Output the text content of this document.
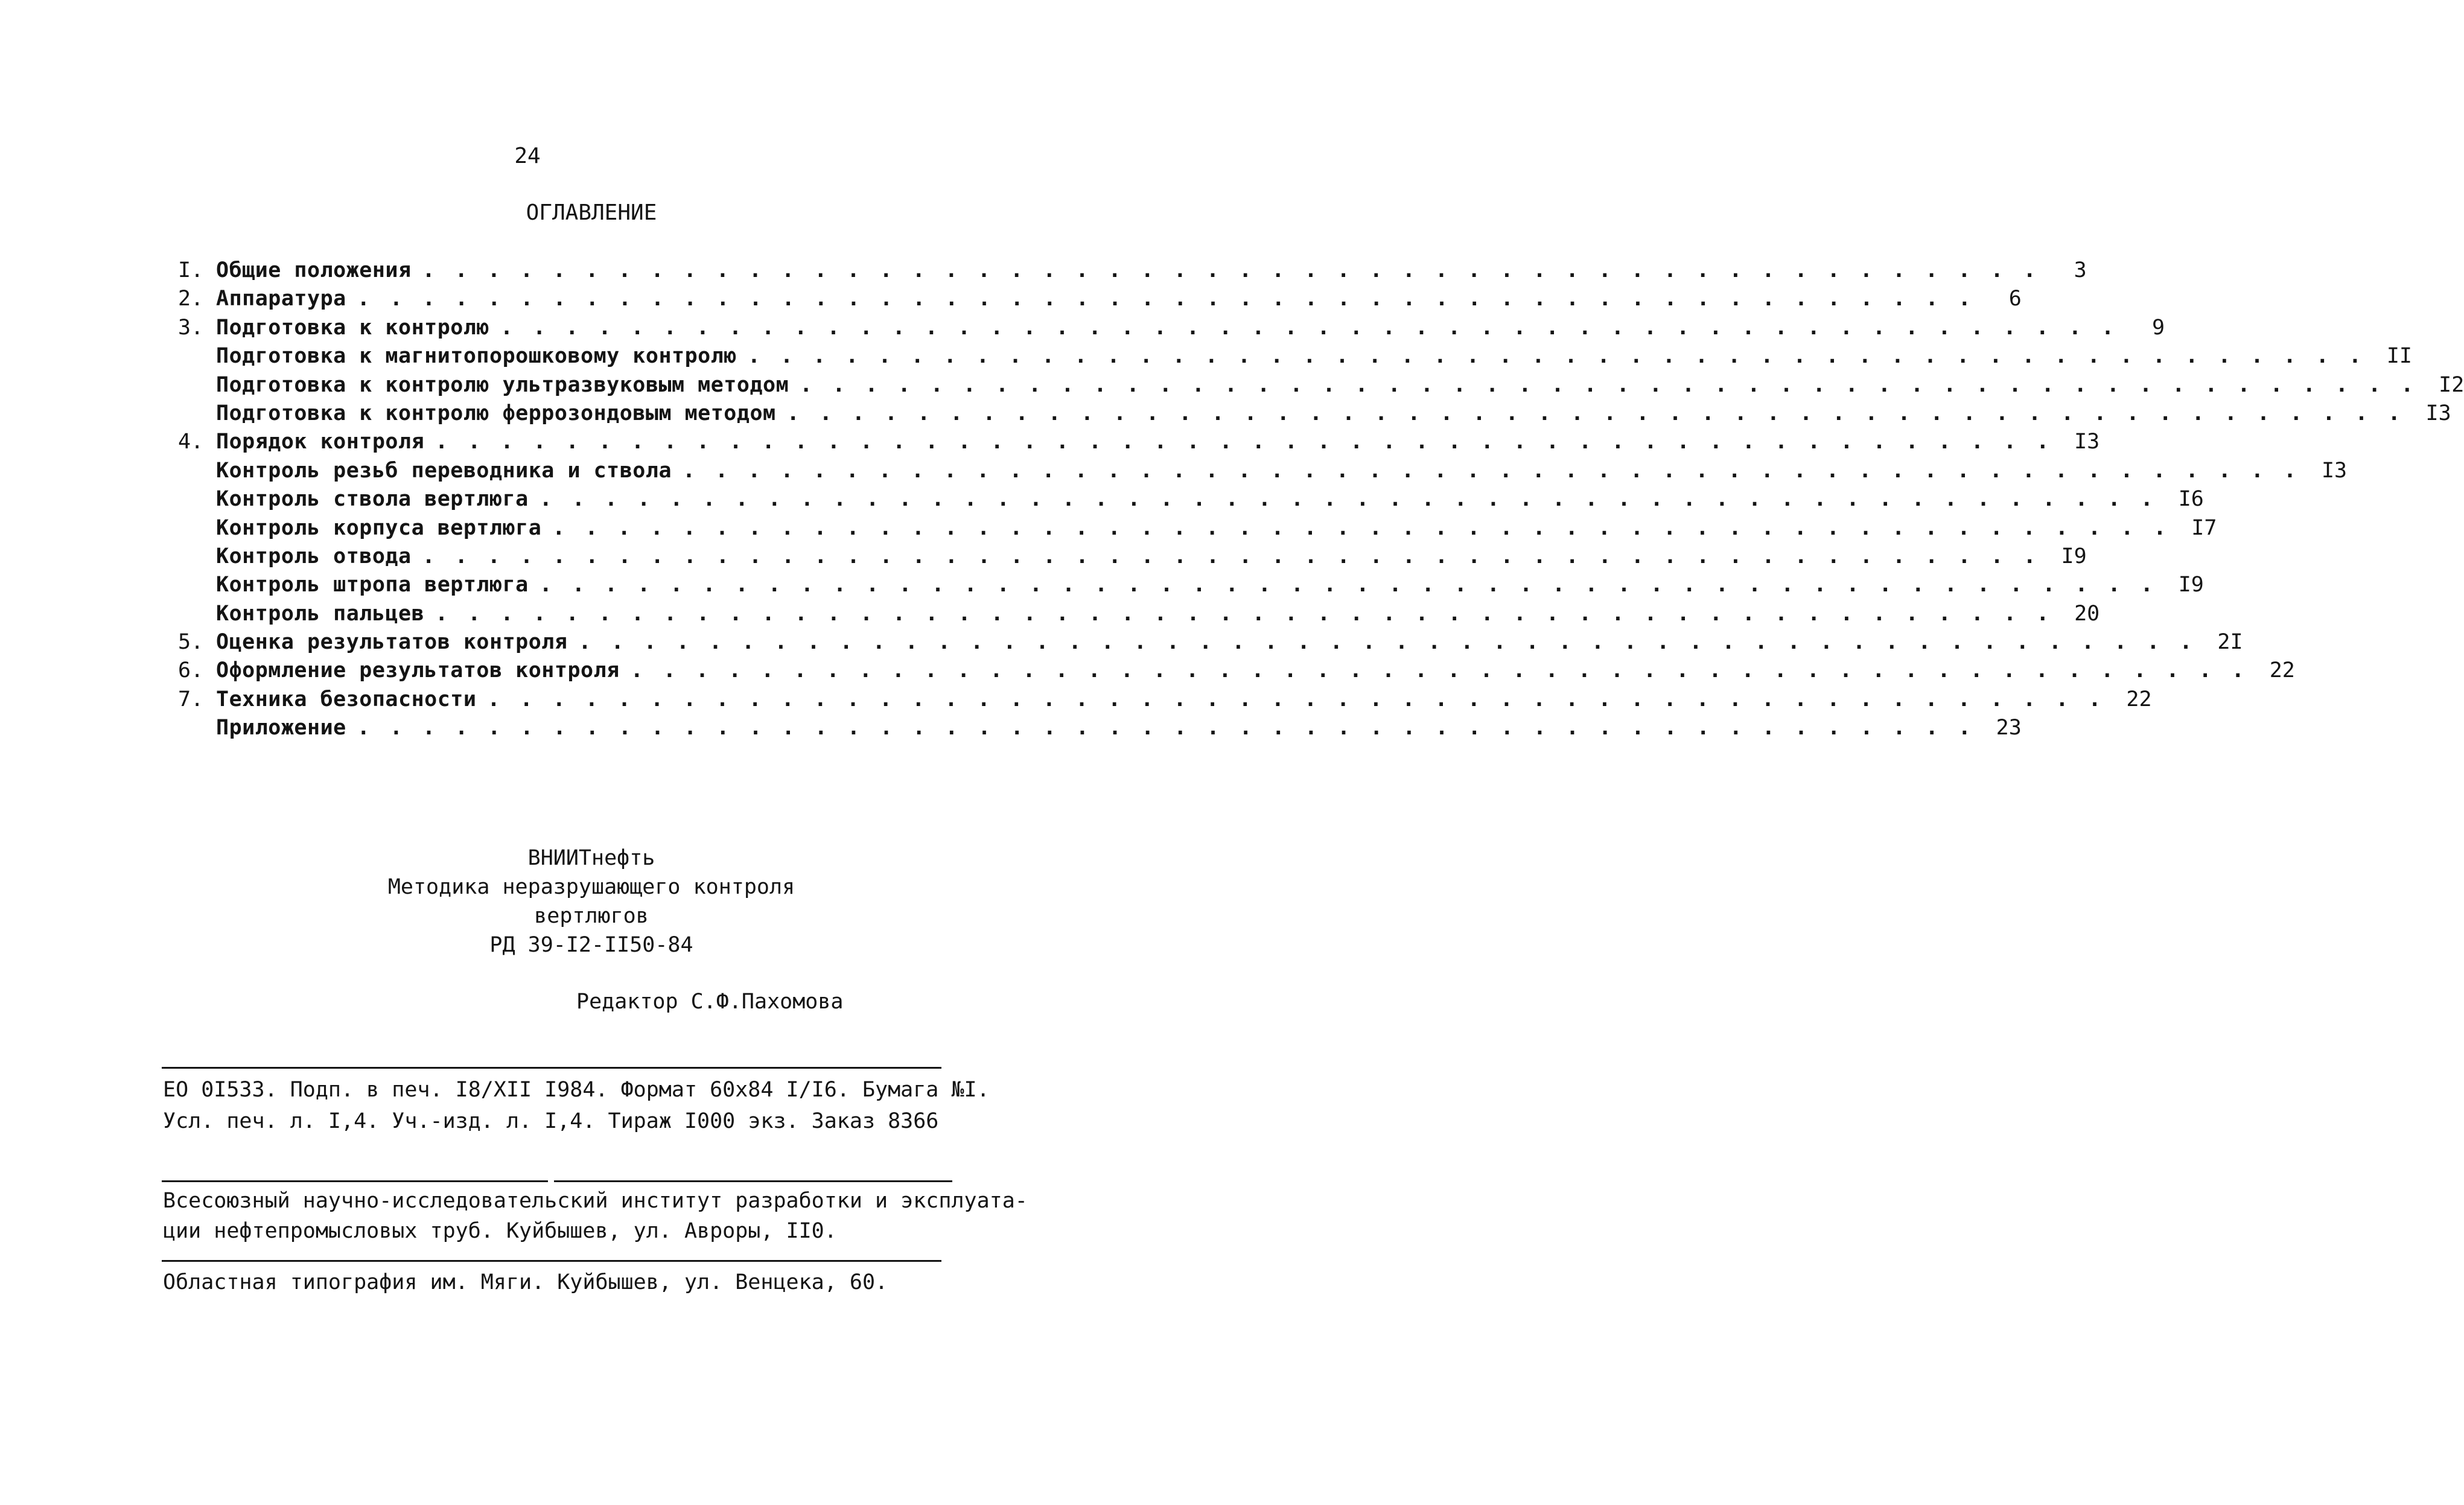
24
ОГЛАВЛЕНИЕ
I. Общие положения . . . . . . . . . . . . . . . . . . . . . . . . . . . . . . . . . . . . . . . . . . . . . . . . . .	3
2. Аппаратура . . . . . . . . . . . . . . . . . . . . . . . . . . . . . . . . . . . . . . . . . . . . . . . . . .	6
3. Подготовка к контролю . . . . . . . . . . . . . . . . . . . . . . . . . . . . . . . . . . . . . . . . . . . . . . . . . .	9
Подготовка к магнитопорошковому контролю . . . . . . . . . . . . . . . . . . . . . . . . . . . . . . . . . . . . . . . . . . . . . . . . . .	II
Подготовка к контролю ультразвуковым методом . . . . . . . . . . . . . . . . . . . . . . . . . . . . . . . . . . . . . . . . . . . . . . . . . .	I2
Подготовка к контролю феррозондовым методом . . . . . . . . . . . . . . . . . . . . . . . . . . . . . . . . . . . . . . . . . . . . . . . . . .	I3
4. Порядок контроля . . . . . . . . . . . . . . . . . . . . . . . . . . . . . . . . . . . . . . . . . . . . . . . . . .	I3
Контроль резьб переводника и ствола . . . . . . . . . . . . . . . . . . . . . . . . . . . . . . . . . . . . . . . . . . . . . . . . . .	I3
Контроль ствола вертлюга . . . . . . . . . . . . . . . . . . . . . . . . . . . . . . . . . . . . . . . . . . . . . . . . . .	I6
Контроль корпуса вертлюга . . . . . . . . . . . . . . . . . . . . . . . . . . . . . . . . . . . . . . . . . . . . . . . . . .	I7
Контроль отвода . . . . . . . . . . . . . . . . . . . . . . . . . . . . . . . . . . . . . . . . . . . . . . . . . .	I9
Контроль штропа вертлюга . . . . . . . . . . . . . . . . . . . . . . . . . . . . . . . . . . . . . . . . . . . . . . . . . .	I9
Контроль пальцев . . . . . . . . . . . . . . . . . . . . . . . . . . . . . . . . . . . . . . . . . . . . . . . . . .	20
5. Оценка результатов контроля . . . . . . . . . . . . . . . . . . . . . . . . . . . . . . . . . . . . . . . . . . . . . . . . . .	2I
6. Оформление результатов контроля . . . . . . . . . . . . . . . . . . . . . . . . . . . . . . . . . . . . . . . . . . . . . . . . . .	22
7. Техника безопасности . . . . . . . . . . . . . . . . . . . . . . . . . . . . . . . . . . . . . . . . . . . . . . . . . .	22
Приложение . . . . . . . . . . . . . . . . . . . . . . . . . . . . . . . . . . . . . . . . . . . . . . . . . .	23
ВНИИТнефть
Методика неразрушающего контроля
вертлюгов
РД 39-I2-II50-84
Редактор С.Ф.Пахомова
ЕО 0I533. Подп. в печ. I8/XII I984. Формат 60x84 I/I6. Бумага №I.
Усл. печ. л. I,4. Уч.-изд. л. I,4. Тираж I000 экз. Заказ 8366
Всесоюзный научно-исследовательский институт разработки и эксплуата-
ции нефтепромысловых труб. Куйбышев, ул. Авроры, II0.
Областная типография им. Мяги. Куйбышев, ул. Венцека, 60.
